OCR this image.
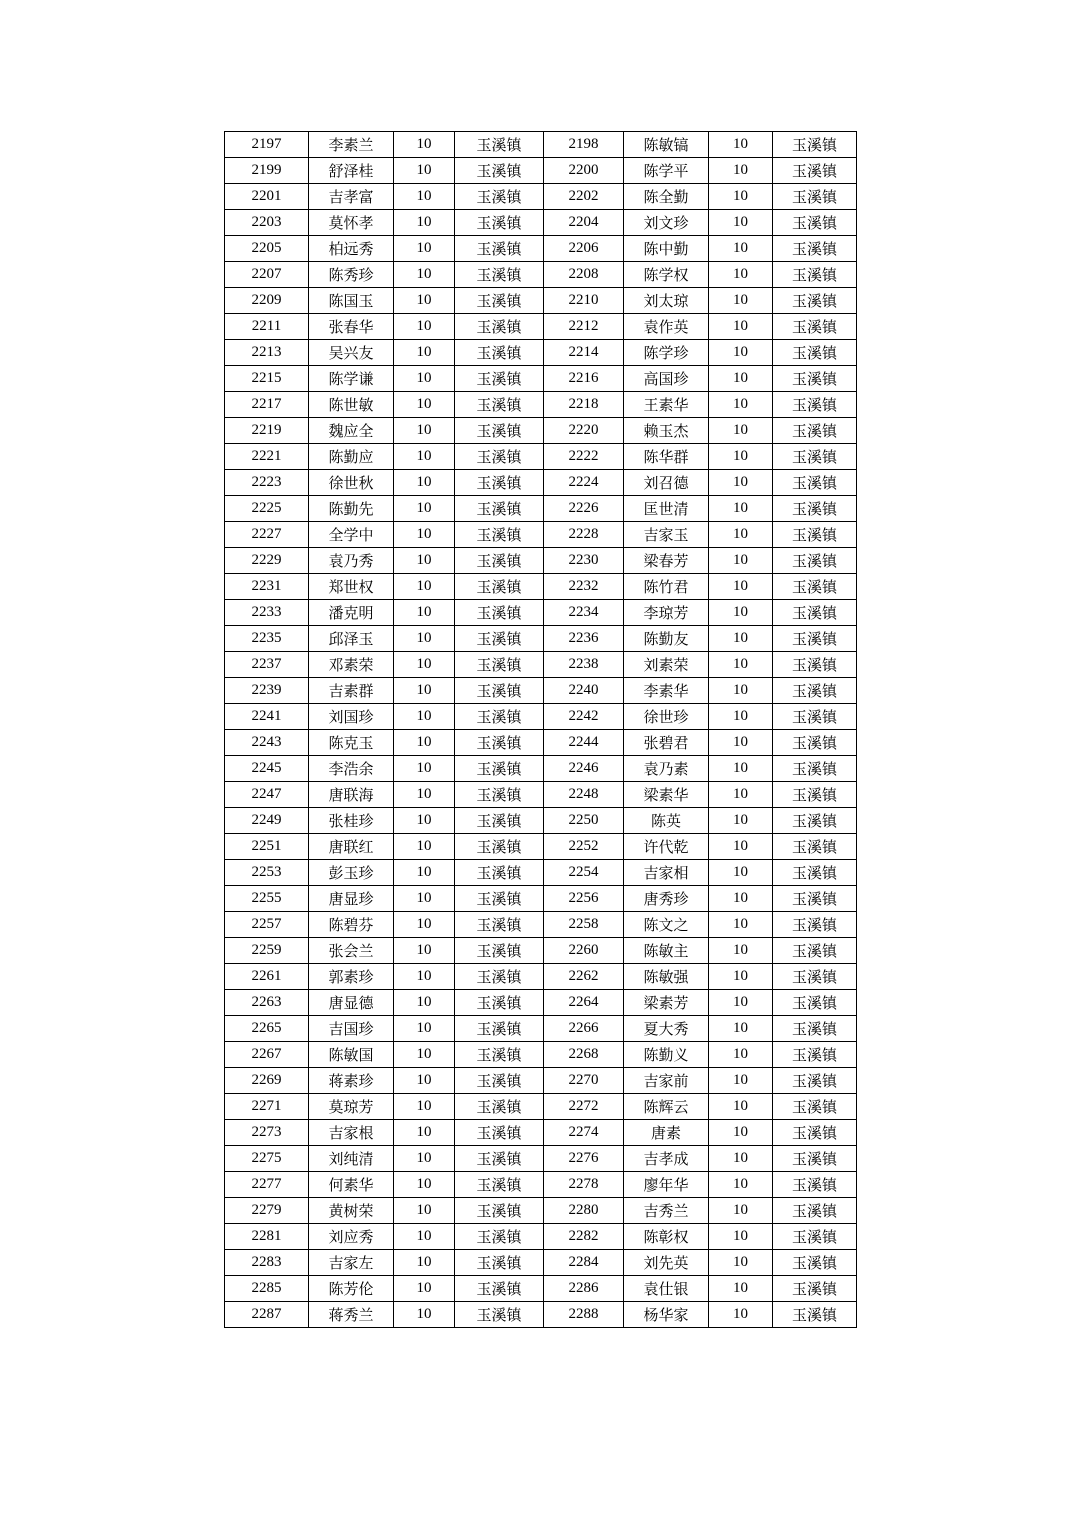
2197	李素兰	10	玉溪镇	2198	陈敏镐	10	玉溪镇
2199	舒泽桂	10	玉溪镇	2200	陈学平	10	玉溪镇
2201	吉孝富	10	玉溪镇	2202	陈全勤	10	玉溪镇
2203	莫怀孝	10	玉溪镇	2204	刘文珍	10	玉溪镇
2205	柏远秀	10	玉溪镇	2206	陈中勤	10	玉溪镇
2207	陈秀珍	10	玉溪镇	2208	陈学权	10	玉溪镇
2209	陈国玉	10	玉溪镇	2210	刘太琼	10	玉溪镇
2211	张春华	10	玉溪镇	2212	袁作英	10	玉溪镇
2213	吴兴友	10	玉溪镇	2214	陈学珍	10	玉溪镇
2215	陈学谦	10	玉溪镇	2216	高国珍	10	玉溪镇
2217	陈世敏	10	玉溪镇	2218	王素华	10	玉溪镇
2219	魏应全	10	玉溪镇	2220	赖玉杰	10	玉溪镇
2221	陈勤应	10	玉溪镇	2222	陈华群	10	玉溪镇
2223	徐世秋	10	玉溪镇	2224	刘召德	10	玉溪镇
2225	陈勤先	10	玉溪镇	2226	匡世清	10	玉溪镇
2227	全学中	10	玉溪镇	2228	吉家玉	10	玉溪镇
2229	袁乃秀	10	玉溪镇	2230	梁春芳	10	玉溪镇
2231	郑世权	10	玉溪镇	2232	陈竹君	10	玉溪镇
2233	潘克明	10	玉溪镇	2234	李琼芳	10	玉溪镇
2235	邱泽玉	10	玉溪镇	2236	陈勤友	10	玉溪镇
2237	邓素荣	10	玉溪镇	2238	刘素荣	10	玉溪镇
2239	吉素群	10	玉溪镇	2240	李素华	10	玉溪镇
2241	刘国珍	10	玉溪镇	2242	徐世珍	10	玉溪镇
2243	陈克玉	10	玉溪镇	2244	张碧君	10	玉溪镇
2245	李浩余	10	玉溪镇	2246	袁乃素	10	玉溪镇
2247	唐联海	10	玉溪镇	2248	梁素华	10	玉溪镇
2249	张桂珍	10	玉溪镇	2250	陈英	10	玉溪镇
2251	唐联红	10	玉溪镇	2252	许代乾	10	玉溪镇
2253	彭玉珍	10	玉溪镇	2254	吉家相	10	玉溪镇
2255	唐显珍	10	玉溪镇	2256	唐秀珍	10	玉溪镇
2257	陈碧芬	10	玉溪镇	2258	陈文之	10	玉溪镇
2259	张会兰	10	玉溪镇	2260	陈敏主	10	玉溪镇
2261	郭素珍	10	玉溪镇	2262	陈敏强	10	玉溪镇
2263	唐显德	10	玉溪镇	2264	梁素芳	10	玉溪镇
2265	吉国珍	10	玉溪镇	2266	夏大秀	10	玉溪镇
2267	陈敏国	10	玉溪镇	2268	陈勤义	10	玉溪镇
2269	蒋素珍	10	玉溪镇	2270	吉家前	10	玉溪镇
2271	莫琼芳	10	玉溪镇	2272	陈辉云	10	玉溪镇
2273	吉家根	10	玉溪镇	2274	唐素	10	玉溪镇
2275	刘纯清	10	玉溪镇	2276	吉孝成	10	玉溪镇
2277	何素华	10	玉溪镇	2278	廖年华	10	玉溪镇
2279	黄树荣	10	玉溪镇	2280	吉秀兰	10	玉溪镇
2281	刘应秀	10	玉溪镇	2282	陈彰权	10	玉溪镇
2283	吉家左	10	玉溪镇	2284	刘先英	10	玉溪镇
2285	陈芳伦	10	玉溪镇	2286	袁仕银	10	玉溪镇
2287	蒋秀兰	10	玉溪镇	2288	杨华家	10	玉溪镇
